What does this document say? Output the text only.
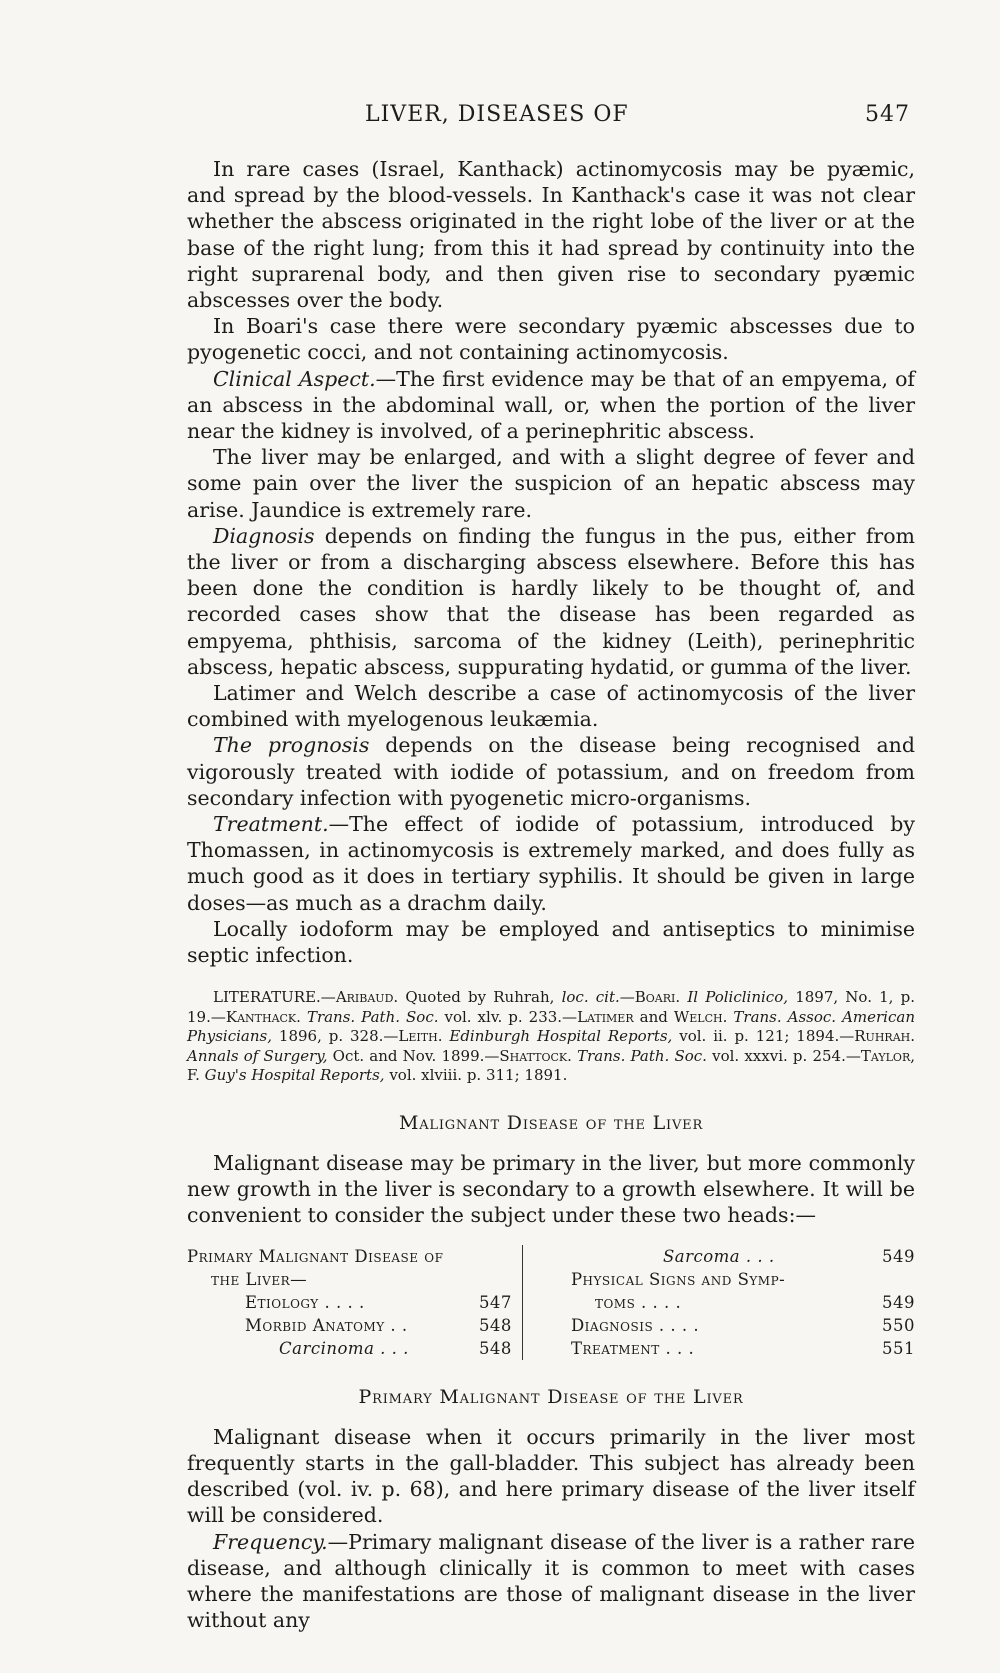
LIVER, DISEASES OF	547

In rare cases (Israel, Kanthack) actinomycosis may be pyæmic, and spread by the blood-vessels. In Kanthack's case it was not clear whether the abscess originated in the right lobe of the liver or at the base of the right lung; from this it had spread by continuity into the right suprarenal body, and then given rise to secondary pyæmic abscesses over the body.

In Boari's case there were secondary pyæmic abscesses due to pyogenetic cocci, and not containing actinomycosis.

Clinical Aspect.—The first evidence may be that of an empyema, of an abscess in the abdominal wall, or, when the portion of the liver near the kidney is involved, of a perinephritic abscess.

The liver may be enlarged, and with a slight degree of fever and some pain over the liver the suspicion of an hepatic abscess may arise. Jaundice is extremely rare.

Diagnosis depends on finding the fungus in the pus, either from the liver or from a discharging abscess elsewhere. Before this has been done the condition is hardly likely to be thought of, and recorded cases show that the disease has been regarded as empyema, phthisis, sarcoma of the kidney (Leith), perinephritic abscess, hepatic abscess, suppurating hydatid, or gumma of the liver.

Latimer and Welch describe a case of actinomycosis of the liver combined with myelogenous leukæmia.

The prognosis depends on the disease being recognised and vigorously treated with iodide of potassium, and on freedom from secondary infection with pyogenetic micro-organisms.

Treatment.—The effect of iodide of potassium, introduced by Thomassen, in actinomycosis is extremely marked, and does fully as much good as it does in tertiary syphilis. It should be given in large doses—as much as a drachm daily.

Locally iodoform may be employed and antiseptics to minimise septic infection.

LITERATURE.—Aribaud. Quoted by Ruhrah, loc. cit.—Boari. Il Policlinico, 1897, No. 1, p. 19.—Kanthack. Trans. Path. Soc. vol. xlv. p. 233.—Latimer and Welch. Trans. Assoc. American Physicians, 1896, p. 328.—Leith. Edinburgh Hospital Reports, vol. ii. p. 121; 1894.—Ruhrah. Annals of Surgery, Oct. and Nov. 1899.—Shattock. Trans. Path. Soc. vol. xxxvi. p. 254.—Taylor, F. Guy's Hospital Reports, vol. xlviii. p. 311; 1891.
Malignant Disease of the Liver

Malignant disease may be primary in the liver, but more commonly new growth in the liver is secondary to a growth elsewhere. It will be convenient to consider the subject under these two heads:—

Primary Malignant Disease of
the Liver—
Etiology . . . .	547
Morbid Anatomy . .	548
Carcinoma . . .	548
Sarcoma . . .	549
Physical Signs and Symp-
toms . . . .	549
Diagnosis . . . .	550
Treatment . . .	551
Primary Malignant Disease of the Liver

Malignant disease when it occurs primarily in the liver most frequently starts in the gall-bladder. This subject has already been described (vol. iv. p. 68), and here primary disease of the liver itself will be considered.

Frequency.—Primary malignant disease of the liver is a rather rare disease, and although clinically it is common to meet with cases where the manifestations are those of malignant disease in the liver without any
